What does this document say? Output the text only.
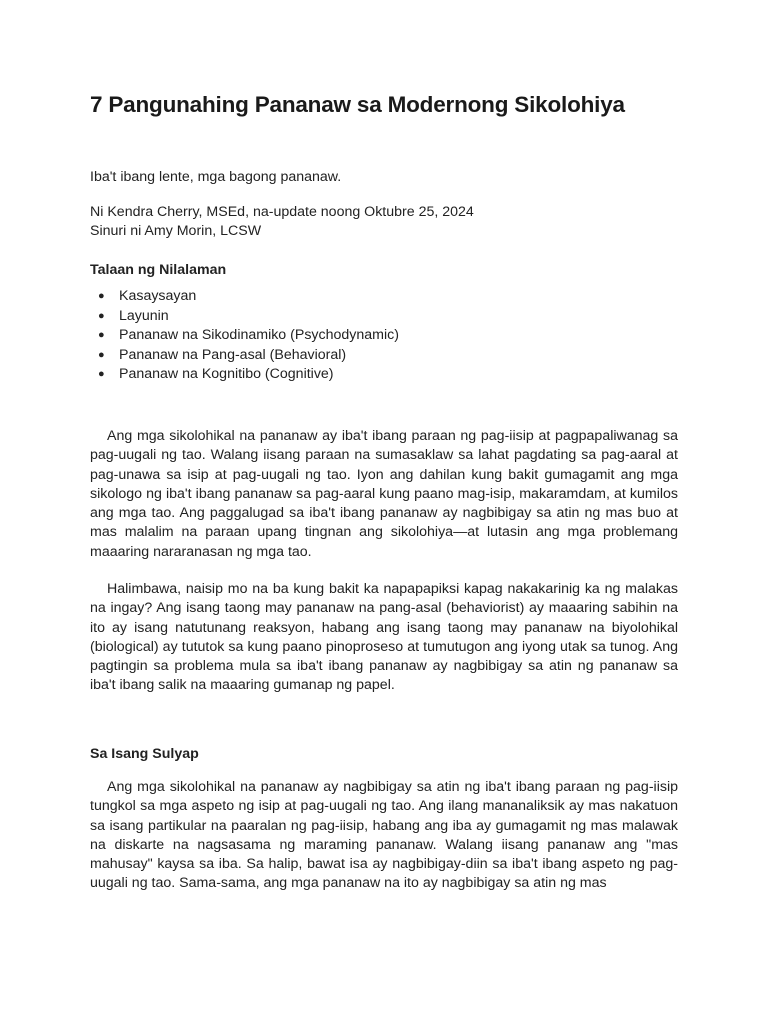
7 Pangunahing Pananaw sa Modernong Sikolohiya

Iba't ibang lente, mga bagong pananaw.

Ni Kendra Cherry, MSEd, na-update noong Oktubre 25, 2024
Sinuri ni Amy Morin, LCSW
Talaan ng Nilalaman
● Kasaysayan
● Layunin
● Pananaw na Sikodinamiko (Psychodynamic)
● Pananaw na Pang-asal (Behavioral)
● Pananaw na Kognitibo (Cognitive)

Ang mga sikolohikal na pananaw ay iba't ibang paraan ng pag-iisip at pagpapaliwanag sa pag-uugali ng tao. Walang iisang paraan na sumasaklaw sa lahat pagdating sa pag-aaral at pag-unawa sa isip at pag-uugali ng tao. Iyon ang dahilan kung bakit gumagamit ang mga sikologo ng iba't ibang pananaw sa pag-aaral kung paano mag-isip, makaramdam, at kumilos ang mga tao. Ang paggalugad sa iba't ibang pananaw ay nagbibigay sa atin ng mas buo at mas malalim na paraan upang tingnan ang sikolohiya—at lutasin ang mga problemang maaaring nararanasan ng mga tao.

Halimbawa, naisip mo na ba kung bakit ka napapapiksi kapag nakakarinig ka ng malakas na ingay? Ang isang taong may pananaw na pang-asal (behaviorist) ay maaaring sabihin na ito ay isang natutunang reaksyon, habang ang isang taong may pananaw na biyolohikal (biological) ay tututok sa kung paano pinoproseso at tumutugon ang iyong utak sa tunog. Ang pagtingin sa problema mula sa iba't ibang pananaw ay nagbibigay sa atin ng pananaw sa iba't ibang salik na maaaring gumanap ng papel.

Sa Isang Sulyap

Ang mga sikolohikal na pananaw ay nagbibigay sa atin ng iba't ibang paraan ng pag-iisip tungkol sa mga aspeto ng isip at pag-uugali ng tao. Ang ilang mananaliksik ay mas nakatuon sa isang partikular na paaralan ng pag-iisip, habang ang iba ay gumagamit ng mas malawak na diskarte na nagsasama ng maraming pananaw. Walang iisang pananaw ang "mas mahusay" kaysa sa iba. Sa halip, bawat isa ay nagbibigay-diin sa iba't ibang aspeto ng pag-uugali ng tao. Sama-sama, ang mga pananaw na ito ay nagbibigay sa atin ng mas
